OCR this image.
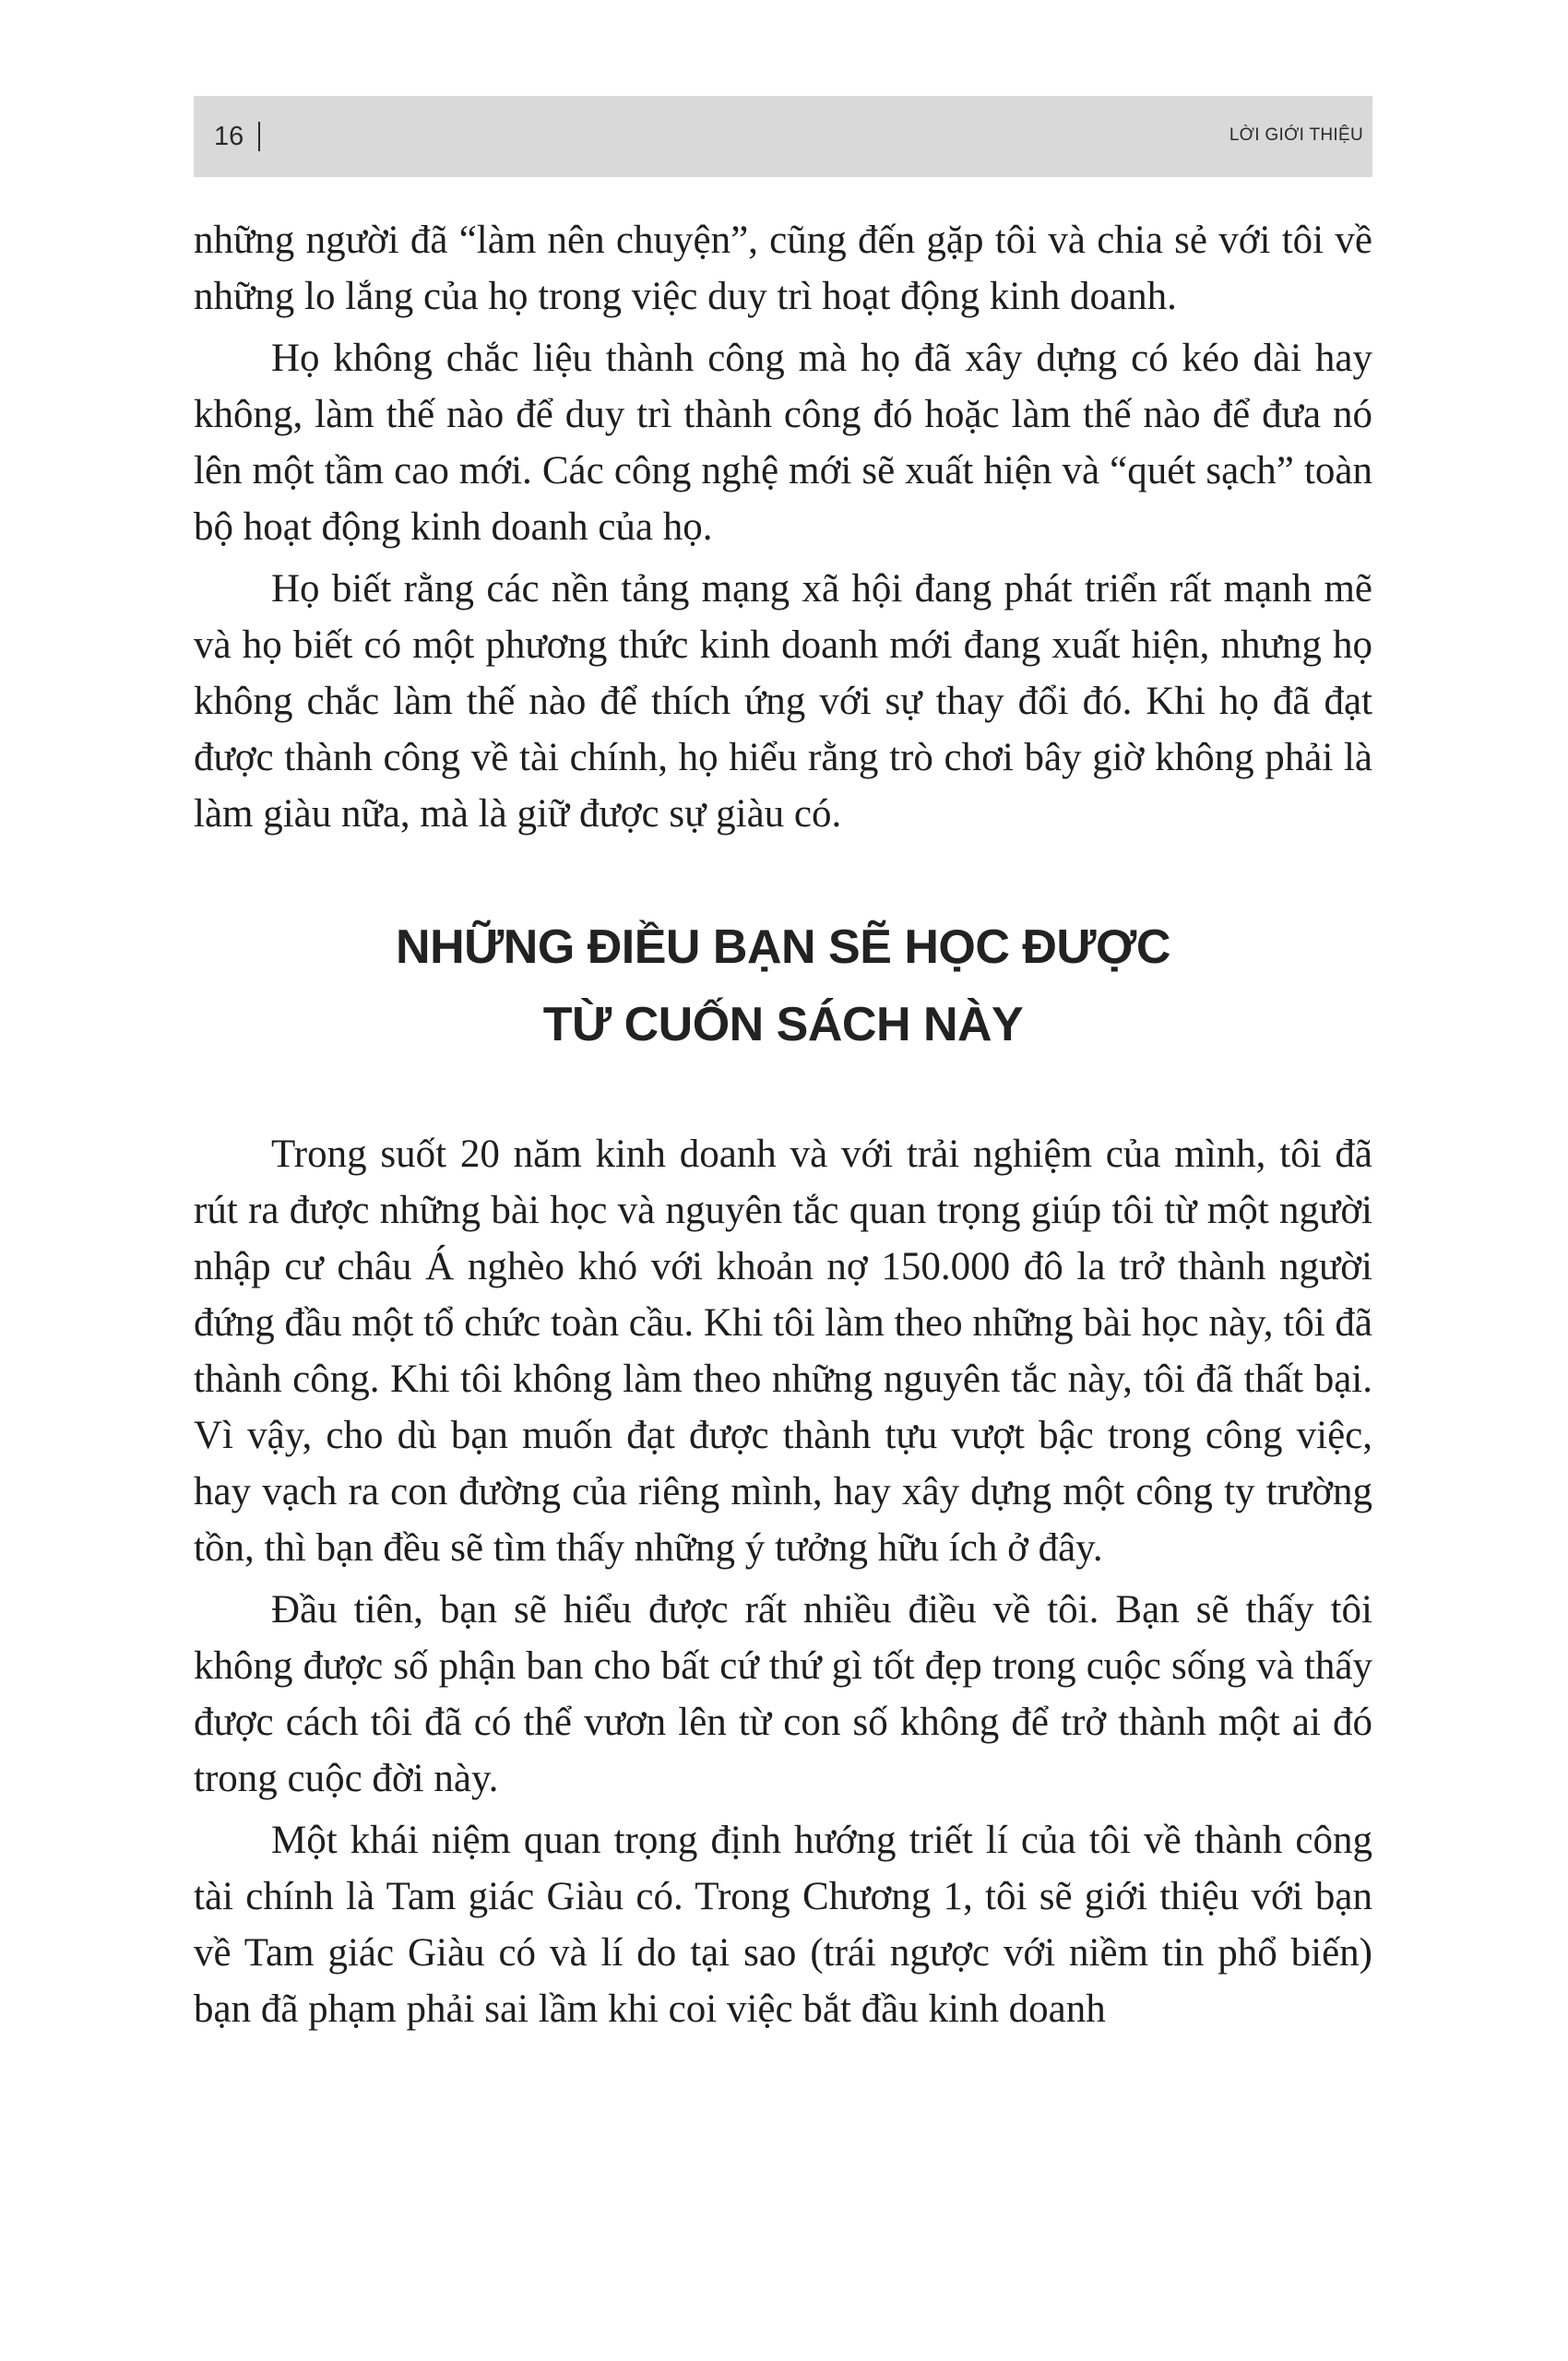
16	LỜI GIỚI THIỆU

những người đã “làm nên chuyện”, cũng đến gặp tôi và chia sẻ với tôi về những lo lắng của họ trong việc duy trì hoạt động kinh doanh.

Họ không chắc liệu thành công mà họ đã xây dựng có kéo dài hay không, làm thế nào để duy trì thành công đó hoặc làm thế nào để đưa nó lên một tầm cao mới. Các công nghệ mới sẽ xuất hiện và “quét sạch” toàn bộ hoạt động kinh doanh của họ.

Họ biết rằng các nền tảng mạng xã hội đang phát triển rất mạnh mẽ và họ biết có một phương thức kinh doanh mới đang xuất hiện, nhưng họ không chắc làm thế nào để thích ứng với sự thay đổi đó. Khi họ đã đạt được thành công về tài chính, họ hiểu rằng trò chơi bây giờ không phải là làm giàu nữa, mà là giữ được sự giàu có.

NHỮNG ĐIỀU BẠN SẼ HỌC ĐƯỢC
TỪ CUỐN SÁCH NÀY

Trong suốt 20 năm kinh doanh và với trải nghiệm của mình, tôi đã rút ra được những bài học và nguyên tắc quan trọng giúp tôi từ một người nhập cư châu Á nghèo khó với khoản nợ 150.000 đô la trở thành người đứng đầu một tổ chức toàn cầu. Khi tôi làm theo những bài học này, tôi đã thành công. Khi tôi không làm theo những nguyên tắc này, tôi đã thất bại. Vì vậy, cho dù bạn muốn đạt được thành tựu vượt bậc trong công việc, hay vạch ra con đường của riêng mình, hay xây dựng một công ty trường tồn, thì bạn đều sẽ tìm thấy những ý tưởng hữu ích ở đây.

Đầu tiên, bạn sẽ hiểu được rất nhiều điều về tôi. Bạn sẽ thấy tôi không được số phận ban cho bất cứ thứ gì tốt đẹp trong cuộc sống và thấy được cách tôi đã có thể vươn lên từ con số không để trở thành một ai đó trong cuộc đời này.

Một khái niệm quan trọng định hướng triết lí của tôi về thành công tài chính là Tam giác Giàu có. Trong Chương 1, tôi sẽ giới thiệu với bạn về Tam giác Giàu có và lí do tại sao (trái ngược với niềm tin phổ biến) bạn đã phạm phải sai lầm khi coi việc bắt đầu kinh doanh
